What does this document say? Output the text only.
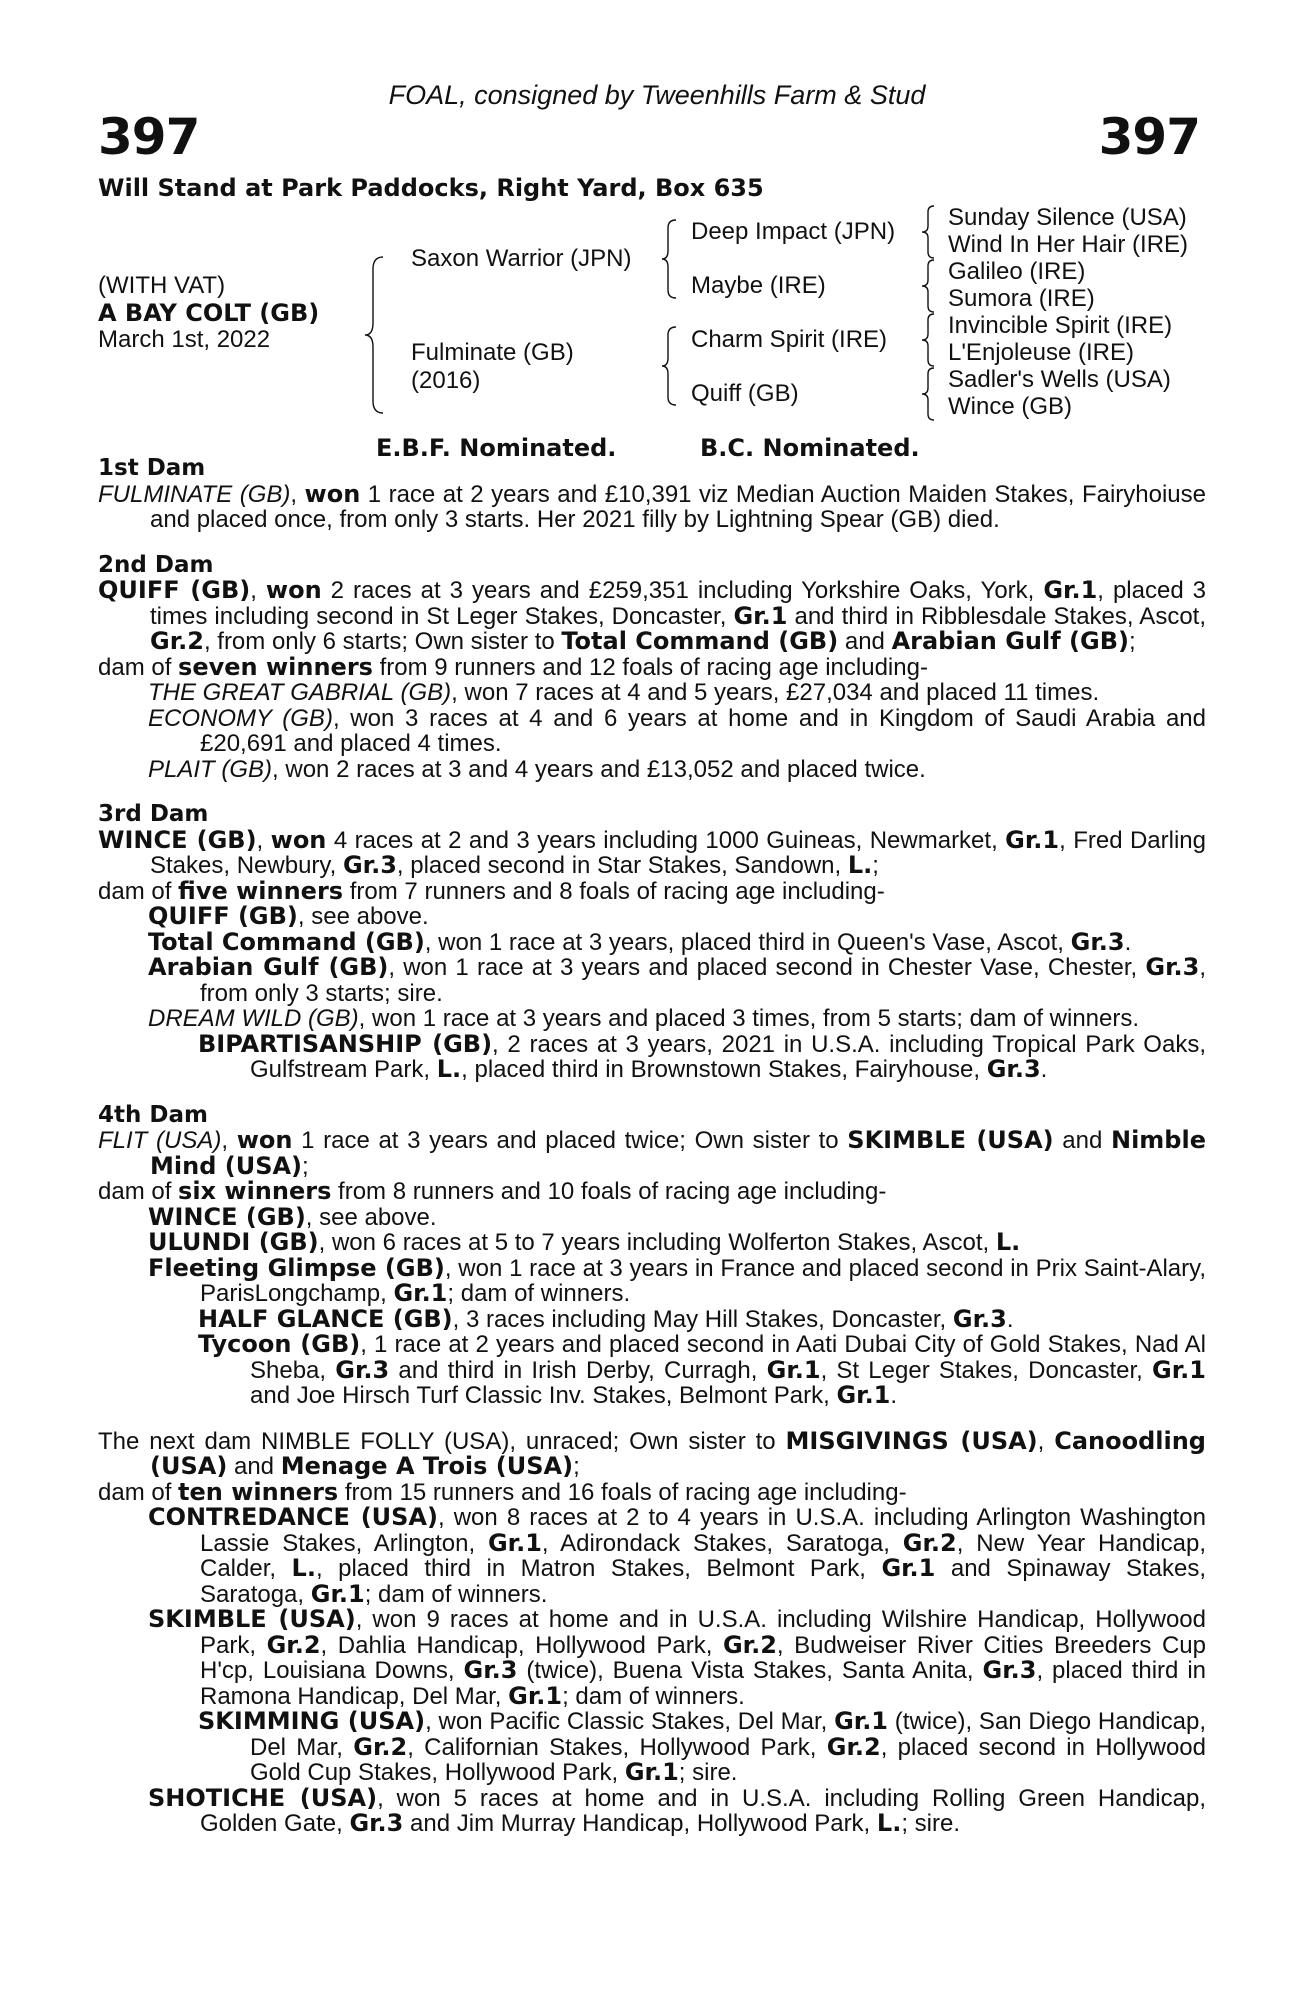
FOAL, consigned by Tweenhills Farm & Stud
397	397
Will Stand at Park Paddocks, Right Yard, Box 635
(WITH VAT)
A BAY COLT (GB)
March 1st, 2022
Saxon Warrior (JPN)
Fulminate (GB)
(2016)
Deep Impact (JPN)
Maybe (IRE)
Charm Spirit (IRE)
Quiff (GB)
Sunday Silence (USA)
Wind In Her Hair (IRE)
Galileo (IRE)
Sumora (IRE)
Invincible Spirit (IRE)
L'Enjoleuse (IRE)
Sadler's Wells (USA)
Wince (GB)
E.B.F. Nominated.	B.C. Nominated.
1st Dam

FULMINATE (GB), won 1 race at 2 years and £10,391 viz Median Auction Maiden Stakes, Fairyhoiuse and placed once, from only 3 starts. Her 2021 filly by Lightning Spear (GB) died.

2nd Dam

QUIFF (GB), won 2 races at 3 years and £259,351 including Yorkshire Oaks, York, Gr.1, placed 3 times including second in St Leger Stakes, Doncaster, Gr.1 and third in Ribblesdale Stakes, Ascot, Gr.2, from only 6 starts; Own sister to Total Command (GB) and Arabian Gulf (GB);

dam of seven winners from 9 runners and 12 foals of racing age including-

THE GREAT GABRIAL (GB), won 7 races at 4 and 5 years, £27,034 and placed 11 times.

ECONOMY (GB), won 3 races at 4 and 6 years at home and in Kingdom of Saudi Arabia and £20,691 and placed 4 times.

PLAIT (GB), won 2 races at 3 and 4 years and £13,052 and placed twice.

3rd Dam

WINCE (GB), won 4 races at 2 and 3 years including 1000 Guineas, Newmarket, Gr.1, Fred Darling Stakes, Newbury, Gr.3, placed second in Star Stakes, Sandown, L.;

dam of five winners from 7 runners and 8 foals of racing age including-

QUIFF (GB), see above.

Total Command (GB), won 1 race at 3 years, placed third in Queen's Vase, Ascot, Gr.3.

Arabian Gulf (GB), won 1 race at 3 years and placed second in Chester Vase, Chester, Gr.3, from only 3 starts; sire.

DREAM WILD (GB), won 1 race at 3 years and placed 3 times, from 5 starts; dam of winners.

BIPARTISANSHIP (GB), 2 races at 3 years, 2021 in U.S.A. including Tropical Park Oaks, Gulfstream Park, L., placed third in Brownstown Stakes, Fairyhouse, Gr.3.

4th Dam

FLIT (USA), won 1 race at 3 years and placed twice; Own sister to SKIMBLE (USA) and Nimble Mind (USA);

dam of six winners from 8 runners and 10 foals of racing age including-

WINCE (GB), see above.

ULUNDI (GB), won 6 races at 5 to 7 years including Wolferton Stakes, Ascot, L.

Fleeting Glimpse (GB), won 1 race at 3 years in France and placed second in Prix Saint-Alary, ParisLongchamp, Gr.1; dam of winners.

HALF GLANCE (GB), 3 races including May Hill Stakes, Doncaster, Gr.3.

Tycoon (GB), 1 race at 2 years and placed second in Aati Dubai City of Gold Stakes, Nad Al Sheba, Gr.3 and third in Irish Derby, Curragh, Gr.1, St Leger Stakes, Doncaster, Gr.1 and Joe Hirsch Turf Classic Inv. Stakes, Belmont Park, Gr.1.

The next dam NIMBLE FOLLY (USA), unraced; Own sister to MISGIVINGS (USA), Canoodling (USA) and Menage A Trois (USA);

dam of ten winners from 15 runners and 16 foals of racing age including-

CONTREDANCE (USA), won 8 races at 2 to 4 years in U.S.A. including Arlington Washington Lassie Stakes, Arlington, Gr.1, Adirondack Stakes, Saratoga, Gr.2, New Year Handicap, Calder, L., placed third in Matron Stakes, Belmont Park, Gr.1 and Spinaway Stakes, Saratoga, Gr.1; dam of winners.

SKIMBLE (USA), won 9 races at home and in U.S.A. including Wilshire Handicap, Hollywood Park, Gr.2, Dahlia Handicap, Hollywood Park, Gr.2, Budweiser River Cities Breeders Cup H'cp, Louisiana Downs, Gr.3 (twice), Buena Vista Stakes, Santa Anita, Gr.3, placed third in Ramona Handicap, Del Mar, Gr.1; dam of winners.

SKIMMING (USA), won Pacific Classic Stakes, Del Mar, Gr.1 (twice), San Diego Handicap, Del Mar, Gr.2, Californian Stakes, Hollywood Park, Gr.2, placed second in Hollywood Gold Cup Stakes, Hollywood Park, Gr.1; sire.

SHOTICHE (USA), won 5 races at home and in U.S.A. including Rolling Green Handicap, Golden Gate, Gr.3 and Jim Murray Handicap, Hollywood Park, L.; sire.
